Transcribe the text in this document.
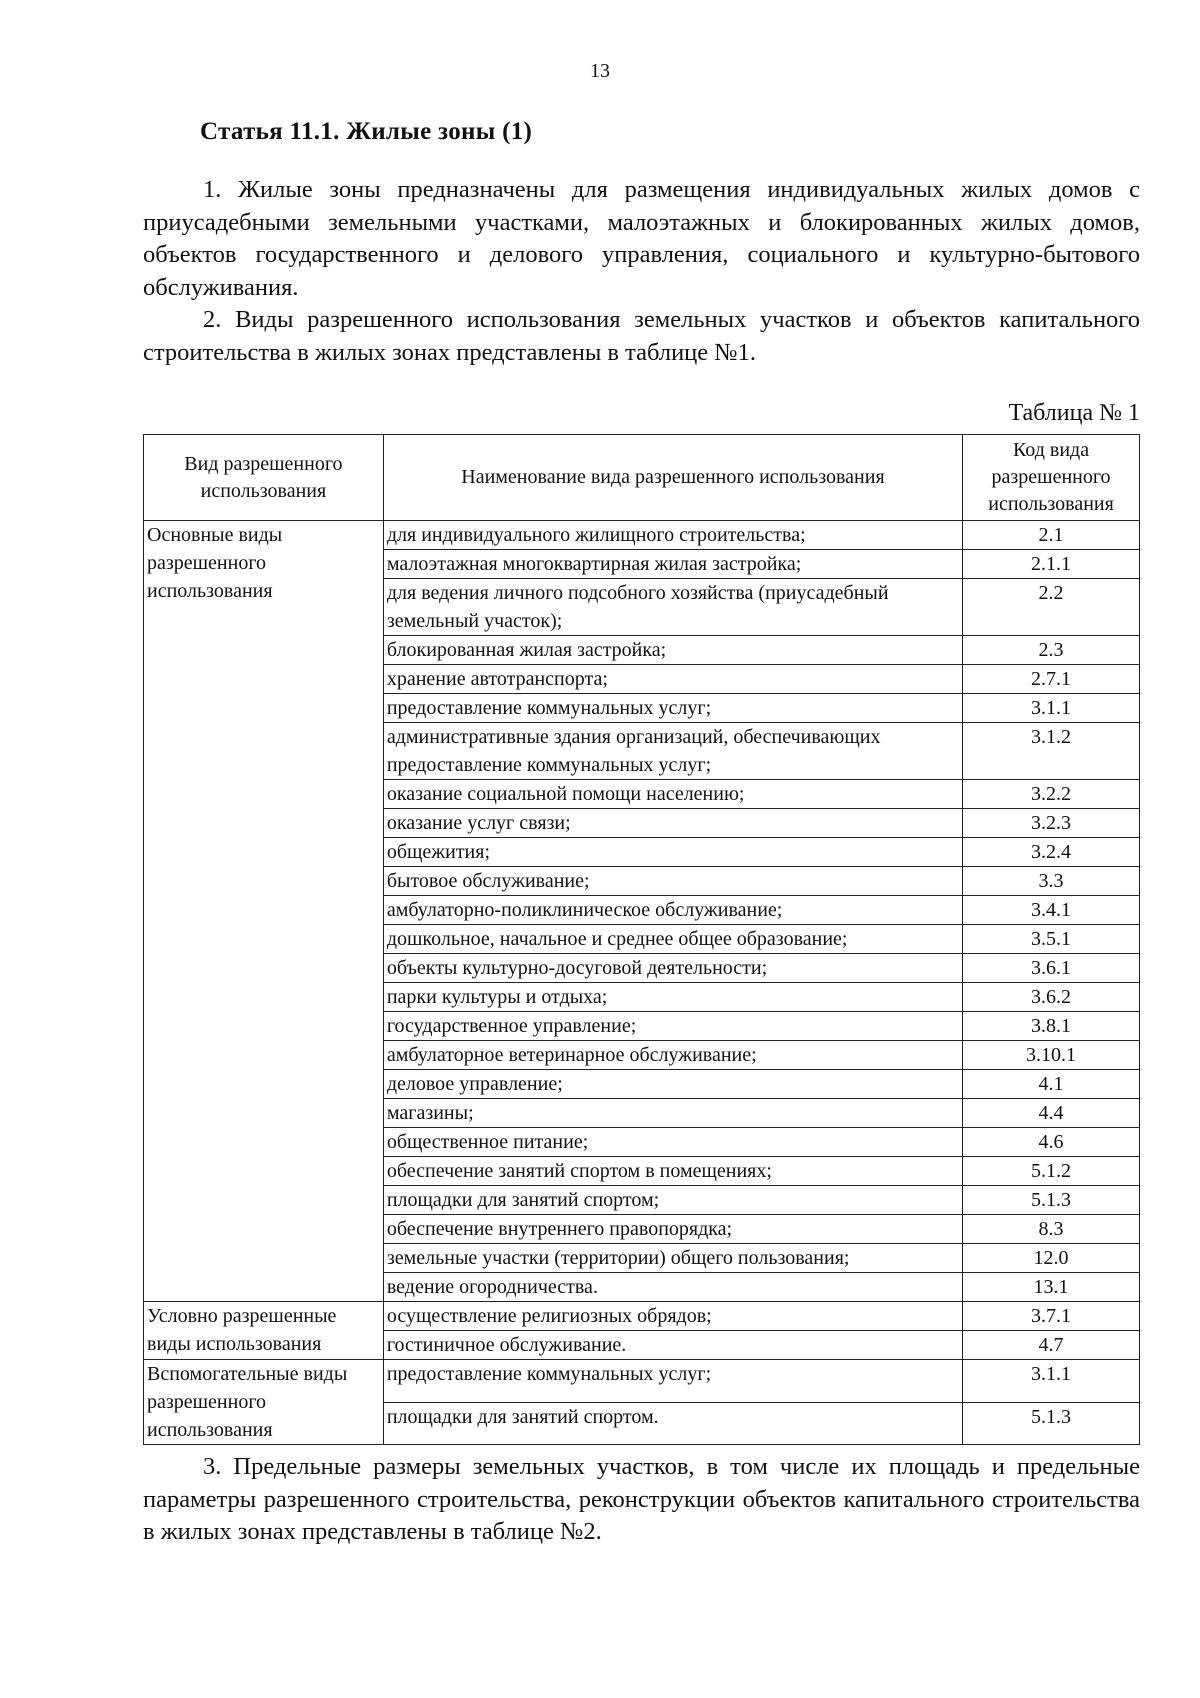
13
Статья 11.1. Жилые зоны (1)
1. Жилые зоны предназначены для размещения индивидуальных жилых домов с приусадебными земельными участками, малоэтажных и блокированных жилых домов, объектов государственного и делового управления, социального и культурно-бытового обслуживания.
2. Виды разрешенного использования земельных участков и объектов капитального строительства в жилых зонах представлены в таблице №1.
Таблица № 1
Вид разрешенного использования	Наименование вида разрешенного использования	Код вида разрешенного использования
Основные виды разрешенного использования	для индивидуального жилищного строительства;	2.1
	малоэтажная многоквартирная жилая застройка;	2.1.1
	для ведения личного подсобного хозяйства (приусадебный земельный участок);	2.2
	блокированная жилая застройка;	2.3
	хранение автотранспорта;	2.7.1
	предоставление коммунальных услуг;	3.1.1
	административные здания организаций, обеспечивающих предоставление коммунальных услуг;	3.1.2
	оказание социальной помощи населению;	3.2.2
	оказание услуг связи;	3.2.3
	общежития;	3.2.4
	бытовое обслуживание;	3.3
	амбулаторно-поликлиническое обслуживание;	3.4.1
	дошкольное, начальное и среднее общее образование;	3.5.1
	объекты культурно-досуговой деятельности;	3.6.1
	парки культуры и отдыха;	3.6.2
	государственное управление;	3.8.1
	амбулаторное ветеринарное обслуживание;	3.10.1
	деловое управление;	4.1
	магазины;	4.4
	общественное питание;	4.6
	обеспечение занятий спортом в помещениях;	5.1.2
	площадки для занятий спортом;	5.1.3
	обеспечение внутреннего правопорядка;	8.3
	земельные участки (территории) общего пользования;	12.0
	ведение огородничества.	13.1
Условно разрешенные виды использования	осуществление религиозных обрядов;	3.7.1
	гостиничное обслуживание.	4.7
Вспомогательные виды разрешенного использования	предоставление коммунальных услуг;	3.1.1
	площадки для занятий спортом.	5.1.3
3. Предельные размеры земельных участков, в том числе их площадь и предельные параметры разрешенного строительства, реконструкции объектов капитального строительства в жилых зонах представлены в таблице №2.
